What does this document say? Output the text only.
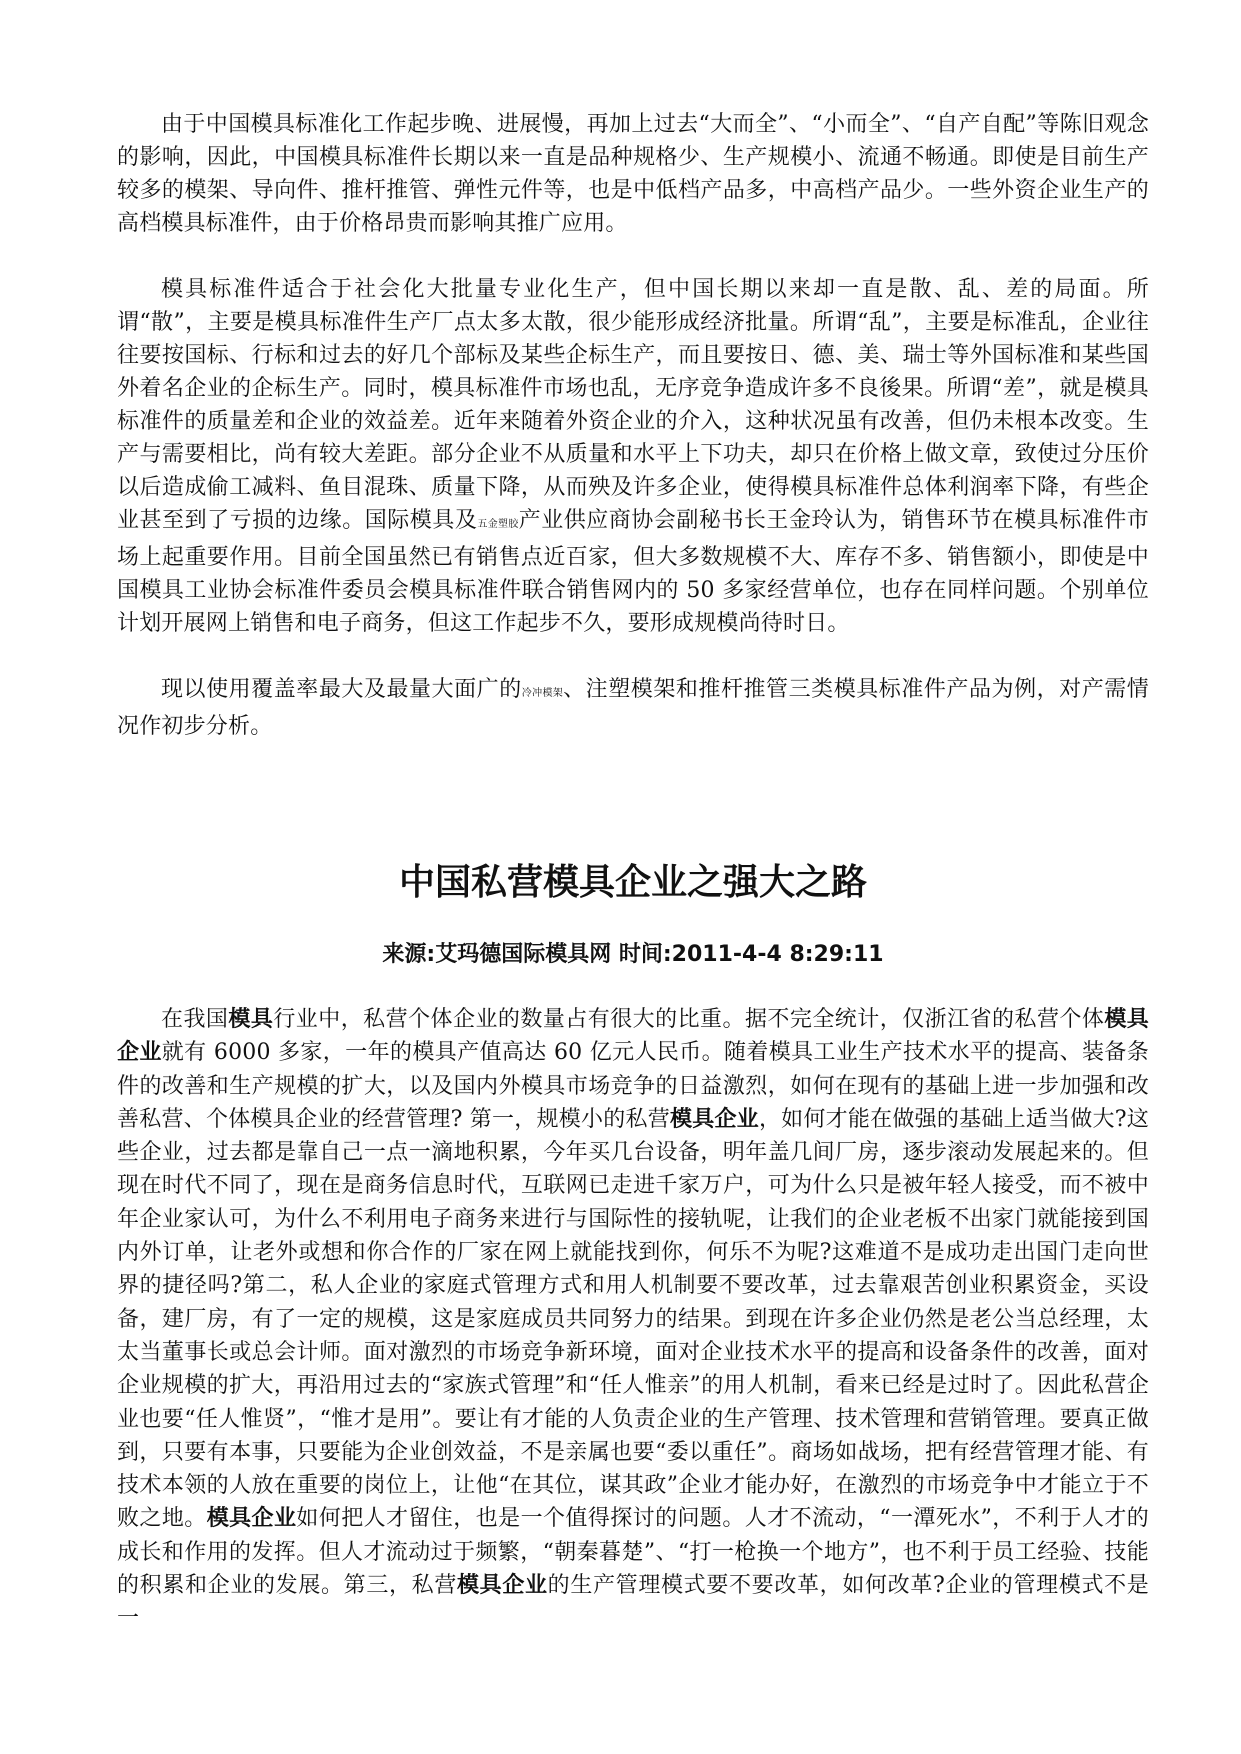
由于中国模具标准化工作起步晚、进展慢，再加上过去“大而全”、“小而全”、“自产自配”等陈旧观念的影响，因此，中国模具标准件长期以来一直是品种规格少、生产规模小、流通不畅通。即使是目前生产较多的模架、导向件、推杆推管、弹性元件等，也是中低档产品多，中高档产品少。一些外资企业生产的高档模具标准件，由于价格昂贵而影响其推广应用。

模具标准件适合于社会化大批量专业化生产，但中国长期以来却一直是散、乱、差的局面。所谓“散”，主要是模具标准件生产厂点太多太散，很少能形成经济批量。所谓“乱”，主要是标准乱，企业往往要按国标、行标和过去的好几个部标及某些企标生产，而且要按日、德、美、瑞士等外国标准和某些国外着名企业的企标生产。同时，模具标准件市场也乱，无序竞争造成许多不良後果。所谓“差”，就是模具标准件的质量差和企业的效益差。近年来随着外资企业的介入，这种状况虽有改善，但仍未根本改变。生产与需要相比，尚有较大差距。部分企业不从质量和水平上下功夫，却只在价格上做文章，致使过分压价以后造成偷工减料、鱼目混珠、质量下降，从而殃及许多企业，使得模具标准件总体利润率下降，有些企业甚至到了亏损的边缘。国际模具及五金塑胶产业供应商协会副秘书长王金玲认为，销售环节在模具标准件市场上起重要作用。目前全国虽然已有销售点近百家，但大多数规模不大、库存不多、销售额小，即使是中国模具工业协会标准件委员会模具标准件联合销售网内的 50 多家经营单位，也存在同样问题。个别单位计划开展网上销售和电子商务，但这工作起步不久，要形成规模尚待时日。

现以使用覆盖率最大及最量大面广的冷冲模架、注塑模架和推杆推管三类模具标准件产品为例，对产需情况作初步分析。

中国私营模具企业之强大之路

来源:艾玛德国际模具网 时间:2011-4-4 8:29:11

在我国模具行业中，私营个体企业的数量占有很大的比重。据不完全统计，仅浙江省的私营个体模具企业就有 6000 多家，一年的模具产值高达 60 亿元人民币。随着模具工业生产技术水平的提高、装备条件的改善和生产规模的扩大，以及国内外模具市场竞争的日益激烈，如何在现有的基础上进一步加强和改善私营、个体模具企业的经营管理? 第一，规模小的私营模具企业，如何才能在做强的基础上适当做大?这些企业，过去都是靠自己一点一滴地积累，今年买几台设备，明年盖几间厂房，逐步滚动发展起来的。但现在时代不同了，现在是商务信息时代，互联网已走进千家万户，可为什么只是被年轻人接受，而不被中年企业家认可，为什么不利用电子商务来进行与国际性的接轨呢，让我们的企业老板不出家门就能接到国内外订单，让老外或想和你合作的厂家在网上就能找到你，何乐不为呢?这难道不是成功走出国门走向世界的捷径吗?第二，私人企业的家庭式管理方式和用人机制要不要改革，过去靠艰苦创业积累资金，买设备，建厂房，有了一定的规模，这是家庭成员共同努力的结果。到现在许多企业仍然是老公当总经理，太太当董事长或总会计师。面对激烈的市场竞争新环境，面对企业技术水平的提高和设备条件的改善，面对企业规模的扩大，再沿用过去的“家族式管理”和“任人惟亲”的用人机制，看来已经是过时了。因此私营企业也要“任人惟贤”，“惟才是用”。要让有才能的人负责企业的生产管理、技术管理和营销管理。要真正做到，只要有本事，只要能为企业创效益，不是亲属也要“委以重任”。商场如战场，把有经营管理才能、有技术本领的人放在重要的岗位上，让他“在其位，谋其政”企业才能办好，在激烈的市场竞争中才能立于不败之地。模具企业如何把人才留住，也是一个值得探讨的问题。人才不流动，“一潭死水”，不利于人才的成长和作用的发挥。但人才流动过于频繁，“朝秦暮楚”、“打一枪换一个地方”，也不利于员工经验、技能的积累和企业的发展。第三，私营模具企业的生产管理模式要不要改革，如何改革?企业的管理模式不是一
